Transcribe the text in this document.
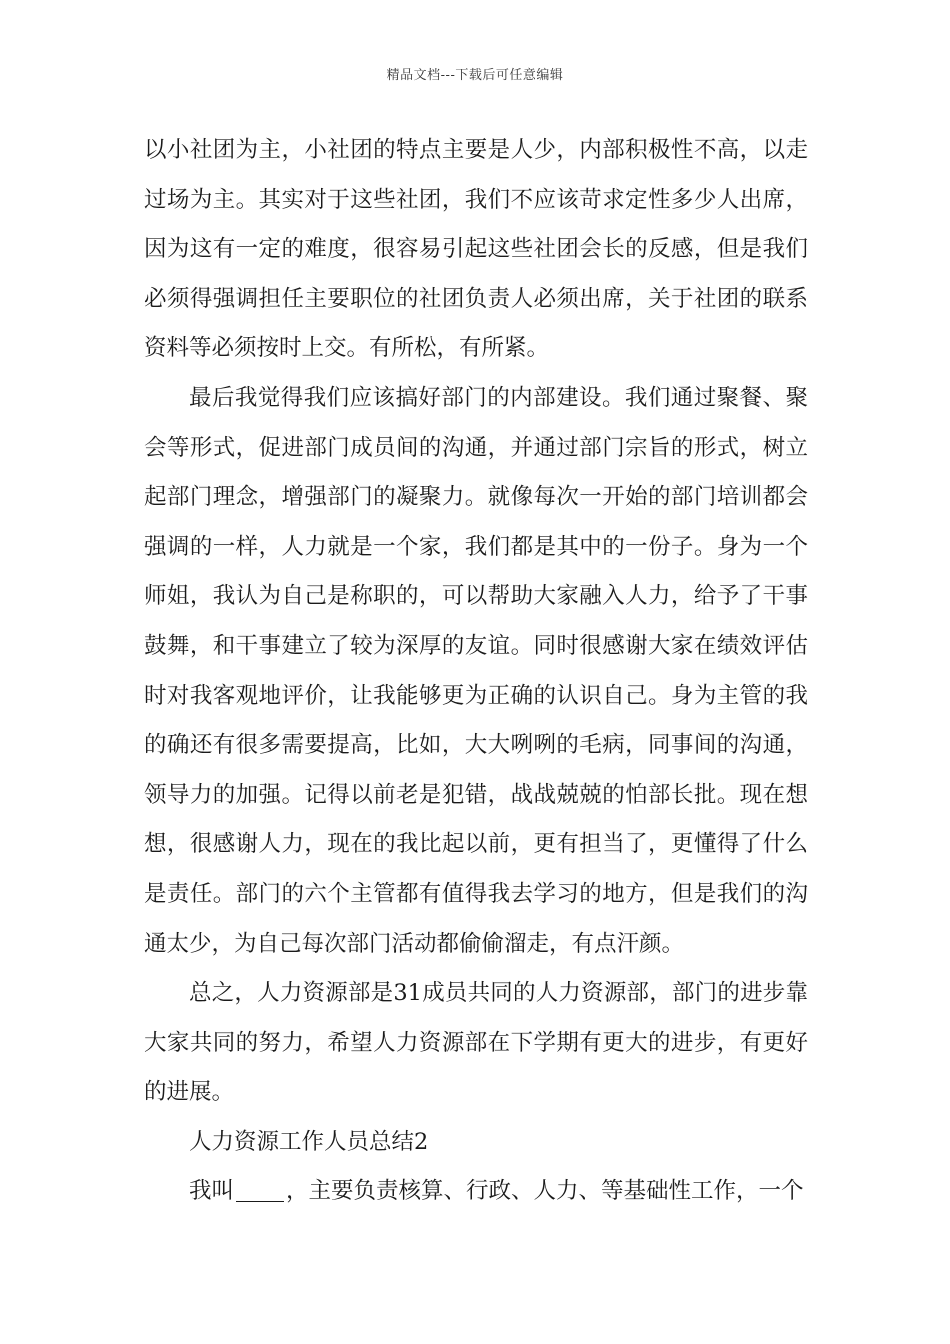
精品文档---下载后可任意编辑

以小社团为主，小社团的特点主要是人少，内部积极性不高，以走过场为主。其实对于这些社团，我们不应该苛求定性多少人出席，因为这有一定的难度，很容易引起这些社团会长的反感，但是我们必须得强调担任主要职位的社团负责人必须出席，关于社团的联系资料等必须按时上交。有所松，有所紧。

最后我觉得我们应该搞好部门的内部建设。我们通过聚餐、聚会等形式，促进部门成员间的沟通，并通过部门宗旨的形式，树立起部门理念，增强部门的凝聚力。就像每次一开始的部门培训都会强调的一样，人力就是一个家，我们都是其中的一份子。身为一个师姐，我认为自己是称职的，可以帮助大家融入人力，给予了干事鼓舞，和干事建立了较为深厚的友谊。同时很感谢大家在绩效评估时对我客观地评价，让我能够更为正确的认识自己。身为主管的我的确还有很多需要提高，比如，大大咧咧的毛病，同事间的沟通，领导力的加强。记得以前老是犯错，战战兢兢的怕部长批。现在想想，很感谢人力，现在的我比起以前，更有担当了，更懂得了什么是责任。部门的六个主管都有值得我去学习的地方，但是我们的沟通太少，为自己每次部门活动都偷偷溜走，有点汗颜。

总之，人力资源部是31成员共同的人力资源部，部门的进步靠大家共同的努力，希望人力资源部在下学期有更大的进步，有更好的进展。

人力资源工作人员总结2

我叫 ，主要负责核算、行政、人力、等基础性工作，一个
